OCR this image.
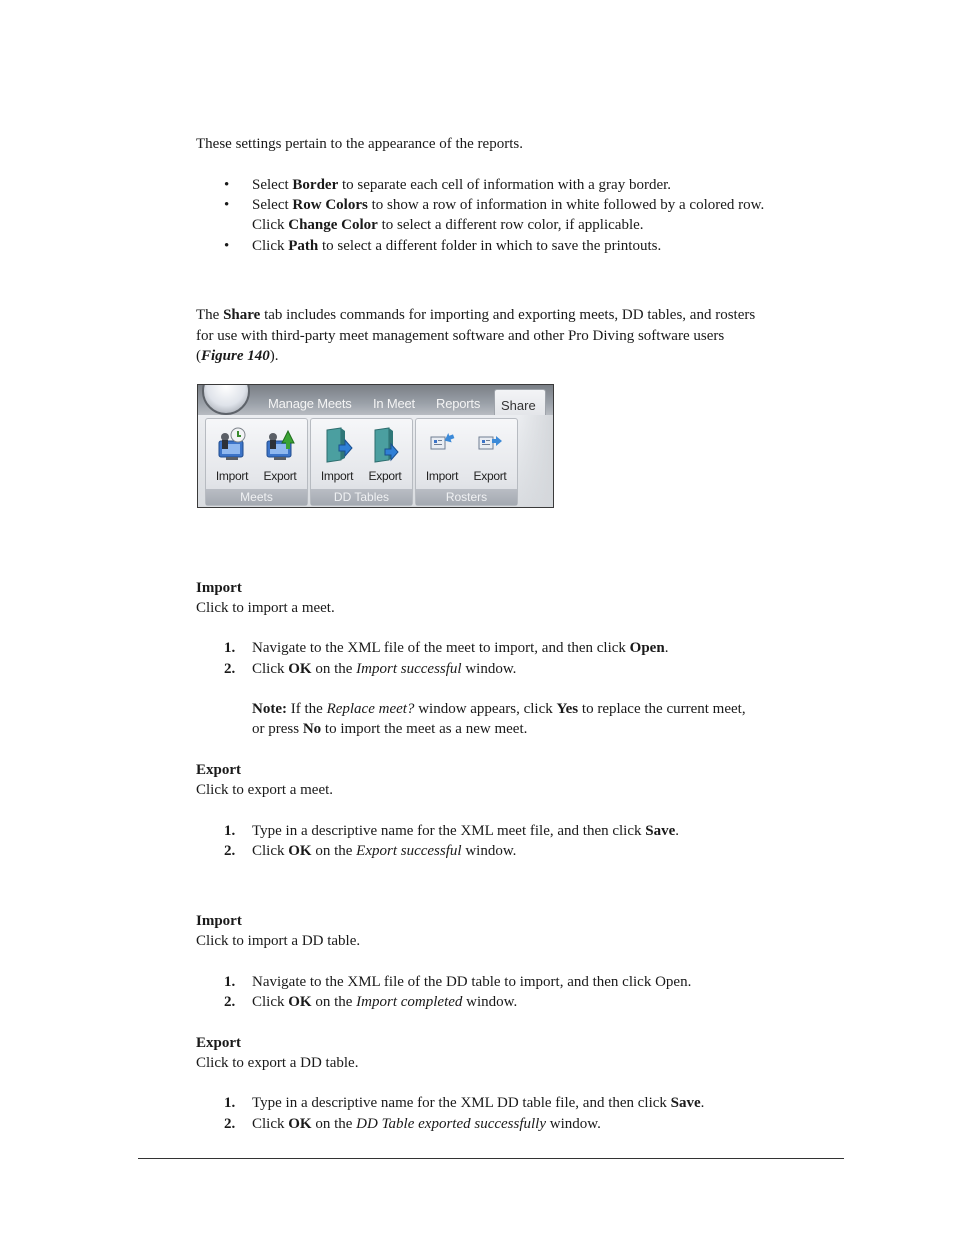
These settings pertain to the appearance of the reports.
•	Select Border to separate each cell of information with a gray border.
•	Select Row Colors to show a row of information in white followed by a colored row.
Click Change Color to select a different row color, if applicable.
•	Click Path to select a different folder in which to save the printouts.
The Share tab includes commands for importing and exporting meets, DD tables, and rosters
for use with third-party meet management software and other Pro Diving software users
(Figure 140).
Manage Meets In Meet Reports Share
Import	Export
Meets
Import	Export
DD Tables
Import	Export
Rosters
Import
Click to import a meet.
1.	Navigate to the XML file of the meet to import, and then click Open.
2.	Click OK on the Import successful window.
Note: If the Replace meet? window appears, click Yes to replace the current meet,
or press No to import the meet as a new meet.
Export
Click to export a meet.
1.	Type in a descriptive name for the XML meet file, and then click Save.
2.	Click OK on the Export successful window.
Import
Click to import a DD table.
1.	Navigate to the XML file of the DD table to import, and then click Open.
2.	Click OK on the Import completed window.
Export
Click to export a DD table.
1.	Type in a descriptive name for the XML DD table file, and then click Save.
2.	Click OK on the DD Table exported successfully window.
